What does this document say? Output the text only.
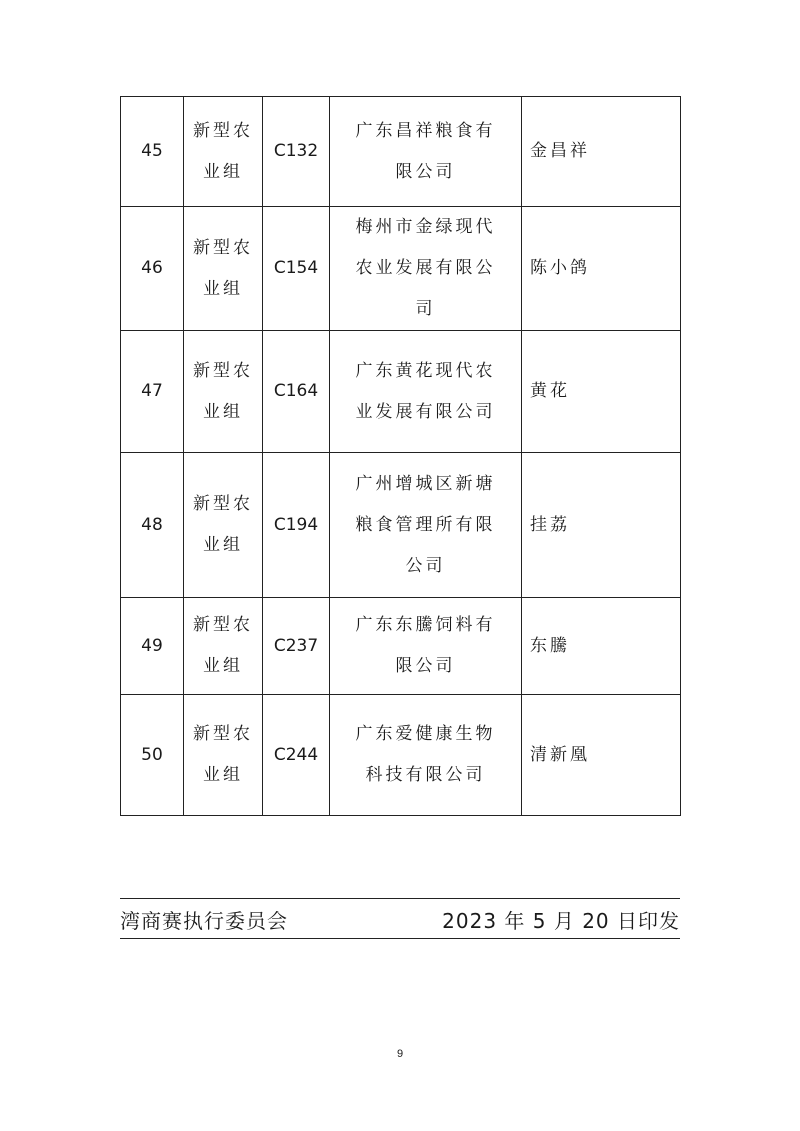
45	新型农业组	C132	广东昌祥粮食有限公司	金昌祥
46	新型农业组	C154	梅州市金绿现代农业发展有限公司	陈小鸽
47	新型农业组	C164	广东黄花现代农业发展有限公司	黄花
48	新型农业组	C194	广州增城区新塘粮食管理所有限公司	挂荔
49	新型农业组	C237	广东东騰饲料有限公司	东騰
50	新型农业组	C244	广东爱健康生物科技有限公司	清新凰
湾商赛执行委员会	2023 年 5 月 20 日印发
9
